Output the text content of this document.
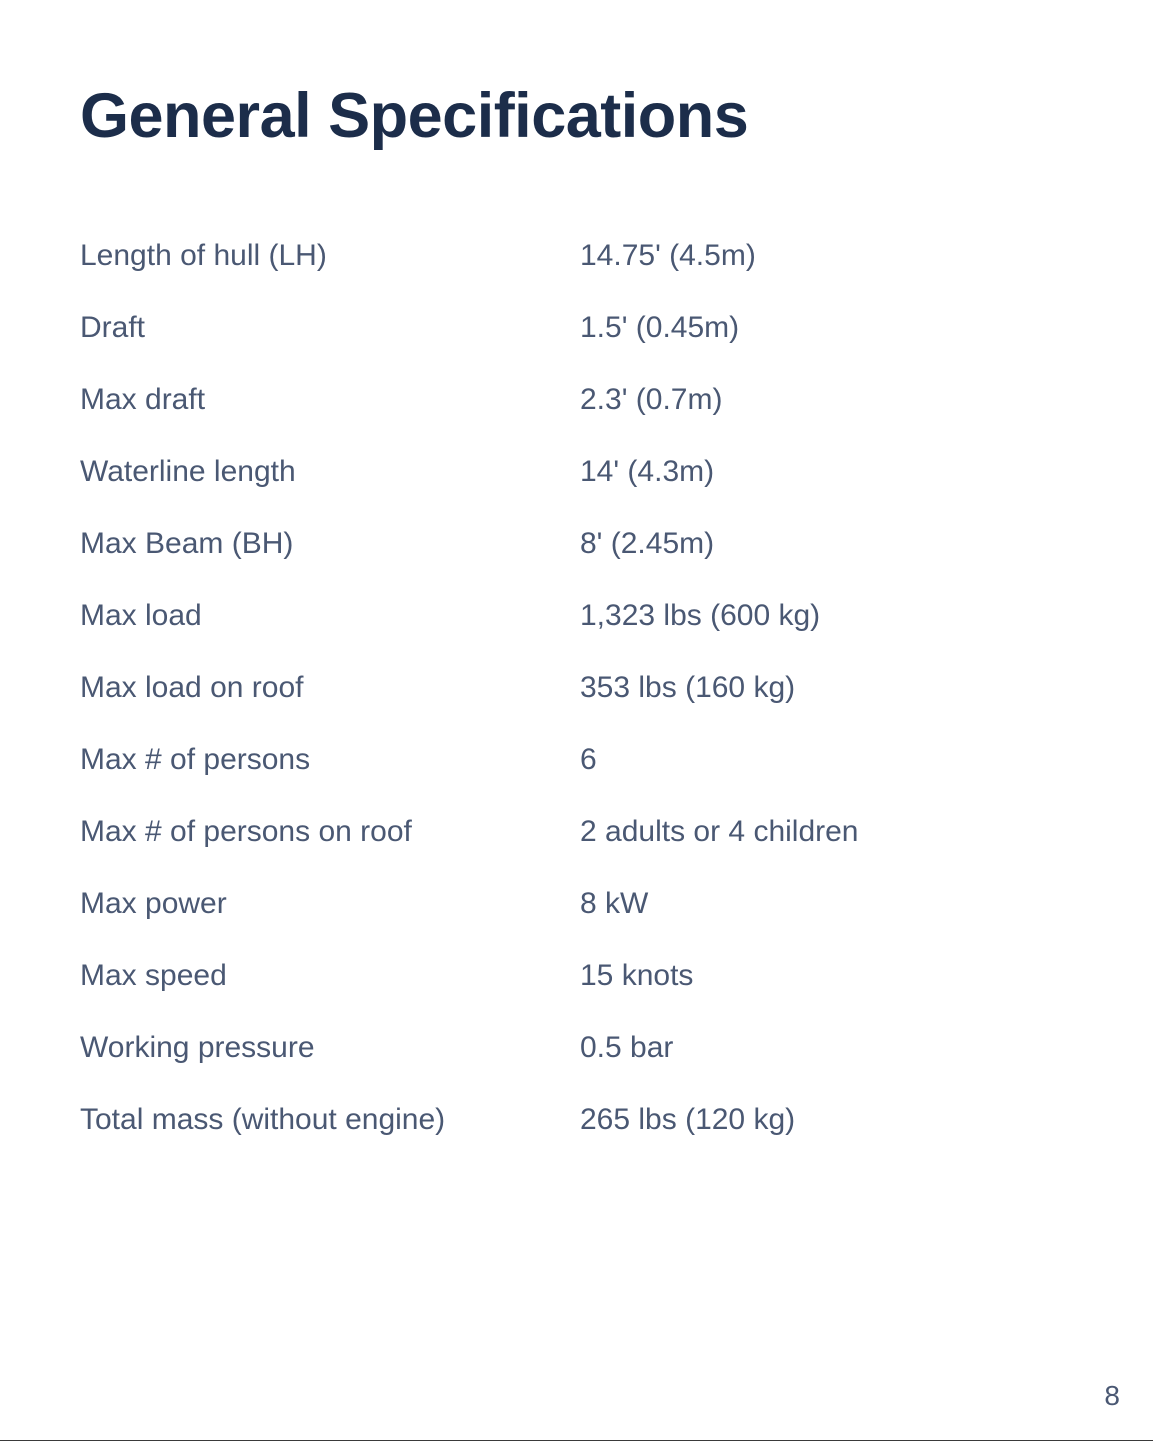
General Specifications
Length of hull (LH)	14.75' (4.5m)
Draft	1.5' (0.45m)
Max draft	2.3' (0.7m)
Waterline length	14' (4.3m)
Max Beam (BH)	8' (2.45m)
Max load	1,323 lbs (600 kg)
Max load on roof	353 lbs (160 kg)
Max # of persons	6
Max # of persons on roof	2 adults or 4 children
Max power	8 kW
Max speed	15 knots
Working pressure	0.5 bar
Total mass (without engine)	265 lbs (120 kg)
8
